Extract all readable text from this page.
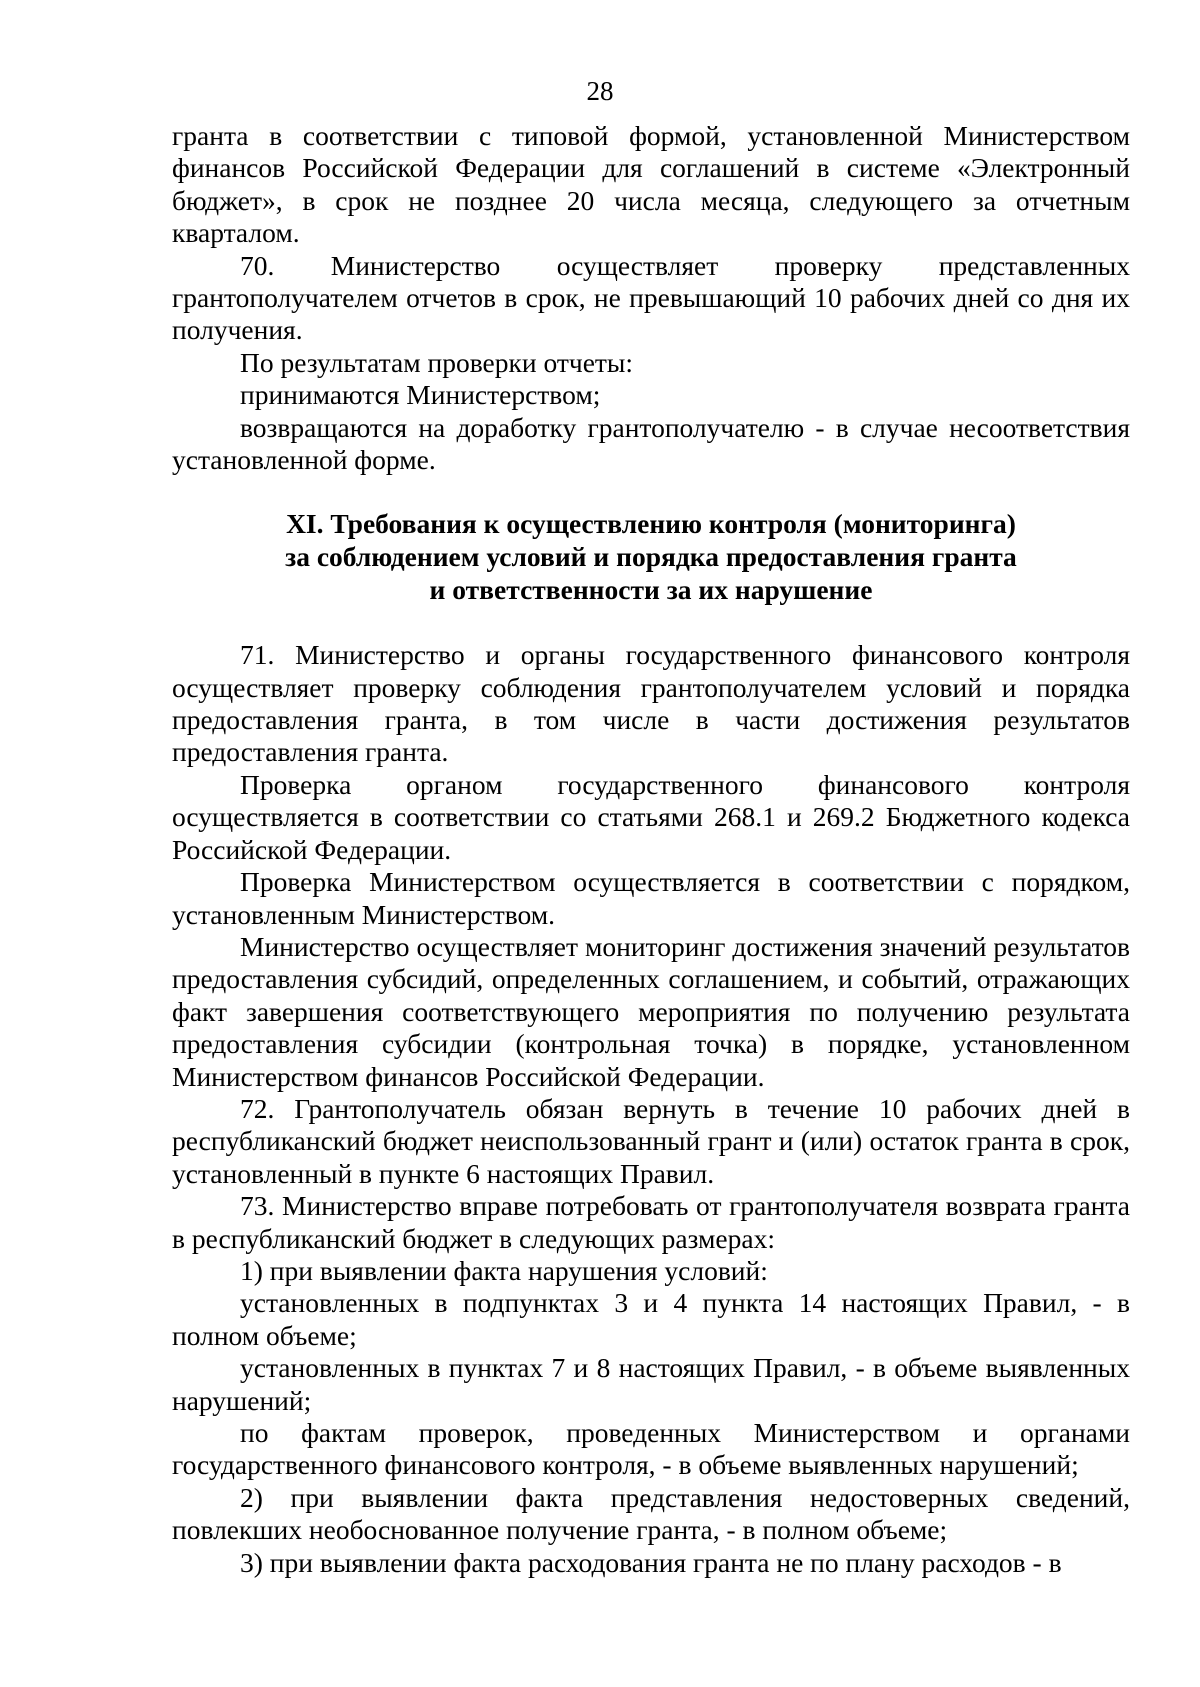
28

гранта в соответствии с типовой формой, установленной Министерством финансов Российской Федерации для соглашений в системе «Электронный бюджет», в срок не позднее 20 числа месяца, следующего за отчетным кварталом.

70. Министерство осуществляет проверку представленных грантополучателем отчетов в срок, не превышающий 10 рабочих дней со дня их получения.

По результатам проверки отчеты:

принимаются Министерством;

возвращаются на доработку грантополучателю - в случае несоответствия установленной форме.

XI. Требования к осуществлению контроля (мониторинга)
за соблюдением условий и порядка предоставления гранта
и ответственности за их нарушение

71. Министерство и органы государственного финансового контроля осуществляет проверку соблюдения грантополучателем условий и порядка предоставления гранта, в том числе в части достижения результатов предоставления гранта.

Проверка органом государственного финансового контроля осуществляется в соответствии со статьями 268.1 и 269.2 Бюджетного кодекса Российской Федерации.

Проверка Министерством осуществляется в соответствии с порядком, установленным Министерством.

Министерство осуществляет мониторинг достижения значений результатов предоставления субсидий, определенных соглашением, и событий, отражающих факт завершения соответствующего мероприятия по получению результата предоставления субсидии (контрольная точка) в порядке, установленном Министерством финансов Российской Федерации.

72. Грантополучатель обязан вернуть в течение 10 рабочих дней в республиканский бюджет неиспользованный грант и (или) остаток гранта в срок, установленный в пункте 6 настоящих Правил.

73. Министерство вправе потребовать от грантополучателя возврата гранта в республиканский бюджет в следующих размерах:

1) при выявлении факта нарушения условий:

установленных в подпунктах 3 и 4 пункта 14 настоящих Правил, - в полном объеме;

установленных в пунктах 7 и 8 настоящих Правил, - в объеме выявленных нарушений;

по фактам проверок, проведенных Министерством и органами государственного финансового контроля, - в объеме выявленных нарушений;

2) при выявлении факта представления недостоверных сведений, повлекших необоснованное получение гранта, - в полном объеме;

3) при выявлении факта расходования гранта не по плану расходов - в
